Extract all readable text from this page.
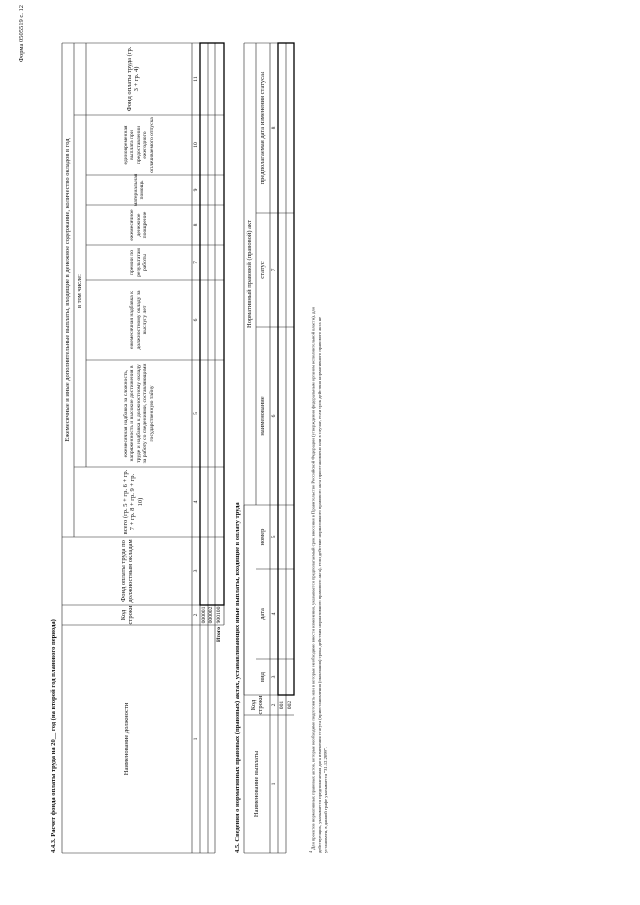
4.4.3. Расчет фонда оплаты труда на 20__ год (на второй год планового периода)	Наименование должности
Код строки
Фонд оплаты труда по должностным окладам
Ежемесячные и иные дополнительные выплаты, входящие в денежное содержание, количество окладов в год
всего (гр. 5 + гр. 6 + гр. 7 + гр. 8 + гр. 9 + гр. 10)
в том числе:
ежемесячная надбавка за сложность, напряженность и высокие достижения в труде и надбавка к должностному окладу за работу со сведениями, составляющими государственную тайну
ежемесячная надбавка к должностному окладу за выслугу лет
премии по результатам работы
ежемесячное денежное поощрение
материальная помощь
единовременная выплата при предоставлении ежегодного оплачиваемого отпуска
Фонд оплаты труда (гр. 3 + гр. 4)
1
2
3
4
5
6
7
8
9
10
11
000001 000002
Итого
900100 4.5. Сведения о нормативных правовых (правовых) актах, устанавливающих иные выплаты, входящие в оплату труда	Наименование выплаты
Код строки
Нормативный правовой (правовой) акт
вид
дата
номер
наименование
статус
предполагаемая дата изменения статуса
4
1
2
3
4
5
6
7
8
001 002
$^4$ Для проектов нормативных правовых актов, которые необходимо подготовить или в которые необходимо внести изменения, указывается предполагаемый срок внесения в Правительство Российской Федерации (утверждения федеральным органом исполнительной власти), для действующих, указывается предполагаемая дата изменения статуса (приостановления (окончания) срока действия нормативного правового акта), если действие нормативного правового акта приостановлено или в случае, если срок действия нормативного правового акта не установлен, в данной графе указывается "31.12.2099".
Форма 0505519 с. 12
